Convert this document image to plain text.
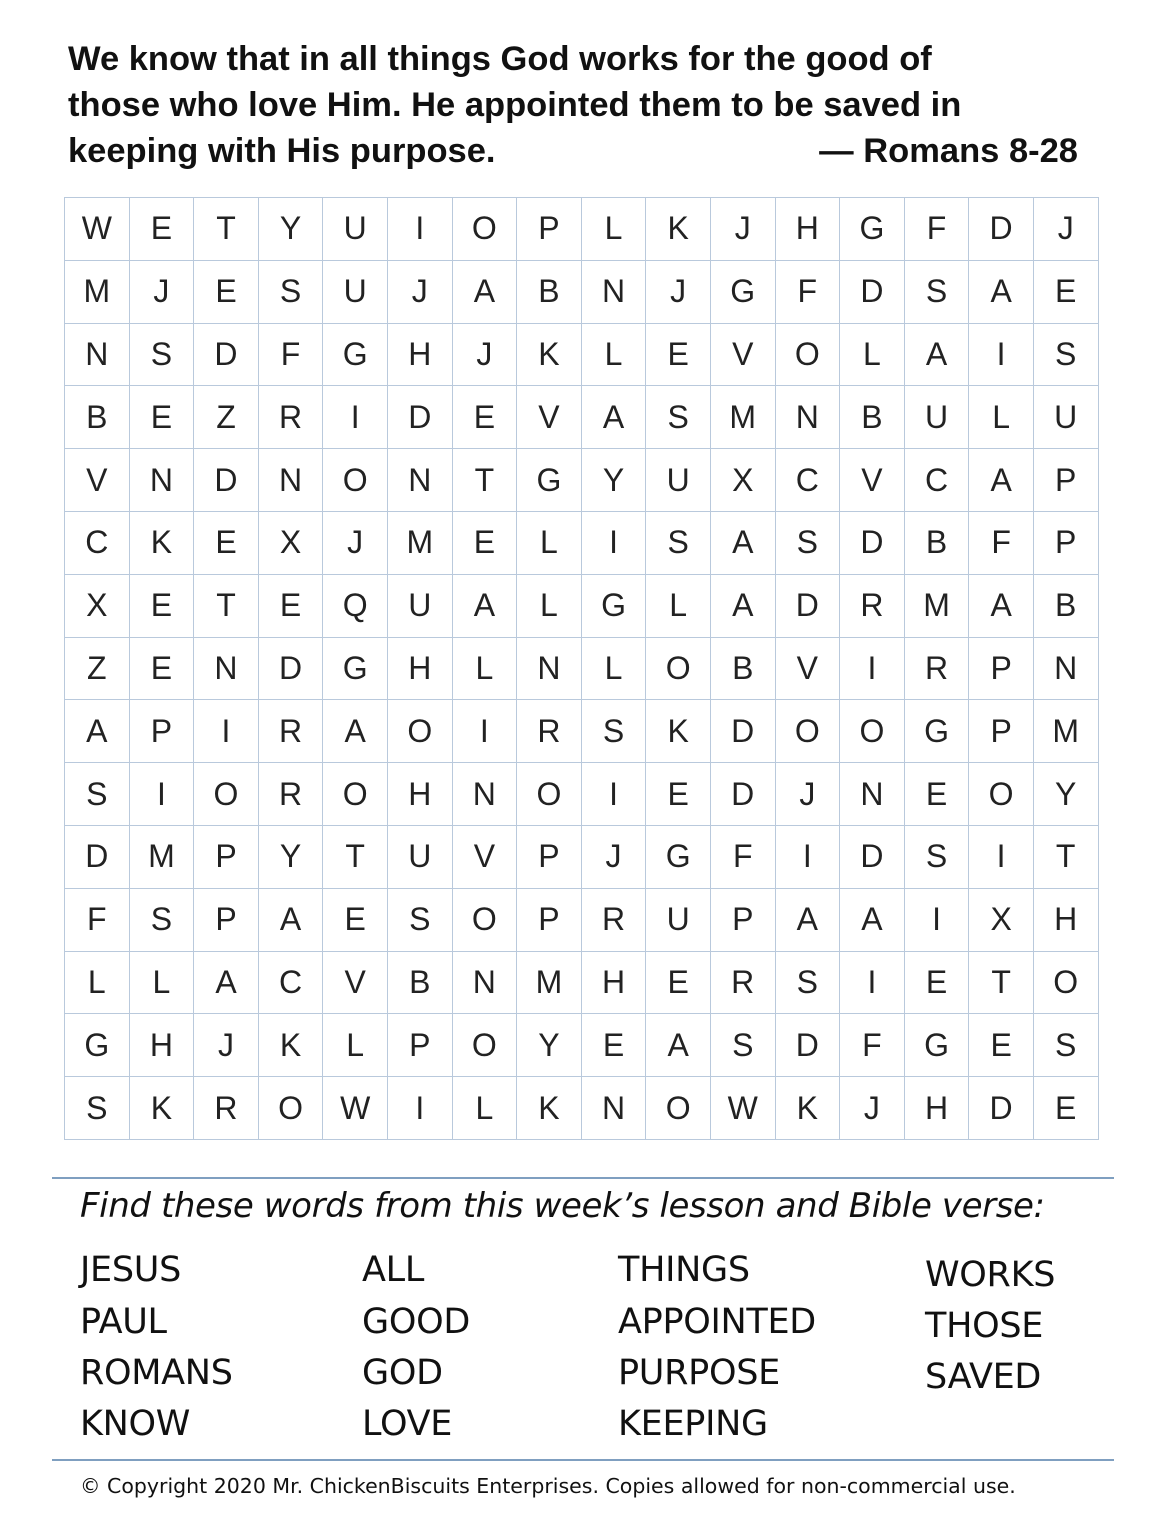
We know that in all things God works for the good of
those who love Him. He appointed them to be saved in
keeping with His purpose.	— Romans 8-28
W	E	T	Y	U	I	O	P	L	K	J	H	G	F	D	J
M	J	E	S	U	J	A	B	N	J	G	F	D	S	A	E
N	S	D	F	G	H	J	K	L	E	V	O	L	A	I	S
B	E	Z	R	I	D	E	V	A	S	M	N	B	U	L	U
V	N	D	N	O	N	T	G	Y	U	X	C	V	C	A	P
C	K	E	X	J	M	E	L	I	S	A	S	D	B	F	P
X	E	T	E	Q	U	A	L	G	L	A	D	R	M	A	B
Z	E	N	D	G	H	L	N	L	O	B	V	I	R	P	N
A	P	I	R	A	O	I	R	S	K	D	O	O	G	P	M
S	I	O	R	O	H	N	O	I	E	D	J	N	E	O	Y
D	M	P	Y	T	U	V	P	J	G	F	I	D	S	I	T
F	S	P	A	E	S	O	P	R	U	P	A	A	I	X	H
L	L	A	C	V	B	N	M	H	E	R	S	I	E	T	O
G	H	J	K	L	P	O	Y	E	A	S	D	F	G	E	S
S	K	R	O	W	I	L	K	N	O	W	K	J	H	D	E
Find these words from this week’s lesson and Bible verse:
JESUS
PAUL
ROMANS
KNOW
ALL
GOOD
GOD
LOVE
THINGS
APPOINTED
PURPOSE
KEEPING
WORKS
THOSE
SAVED
© Copyright 2020 Mr. ChickenBiscuits Enterprises. Copies allowed for non-commercial use.
